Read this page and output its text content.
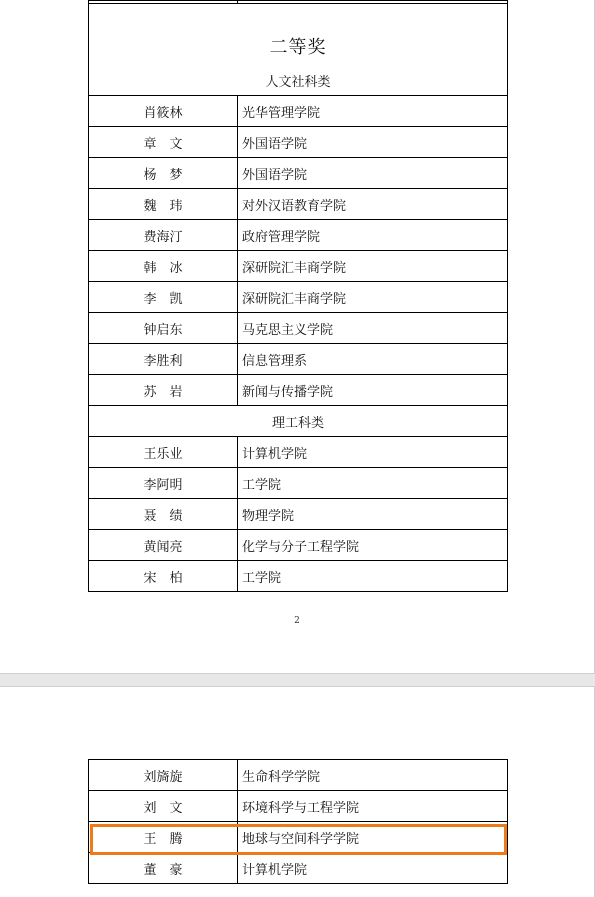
二等奖
人文社科类	

肖筱林	光华管理学院
章　文	外国语学院
杨　梦	外国语学院
魏　玮	对外汉语教育学院
费海汀	政府管理学院
韩　冰	深研院汇丰商学院
李　凯	深研院汇丰商学院
钟启东	马克思主义学院
李胜利	信息管理系
苏　岩	新闻与传播学院
理工科类	
王乐业	计算机学院
李阿明	工学院
聂　绩	物理学院
黄闻亮	化学与分子工程学院
宋　柏	工学院
2
刘旖旋	生命科学学院
刘　文	环境科学与工程学院
王　腾	地球与空间科学学院
董　豪	计算机学院
